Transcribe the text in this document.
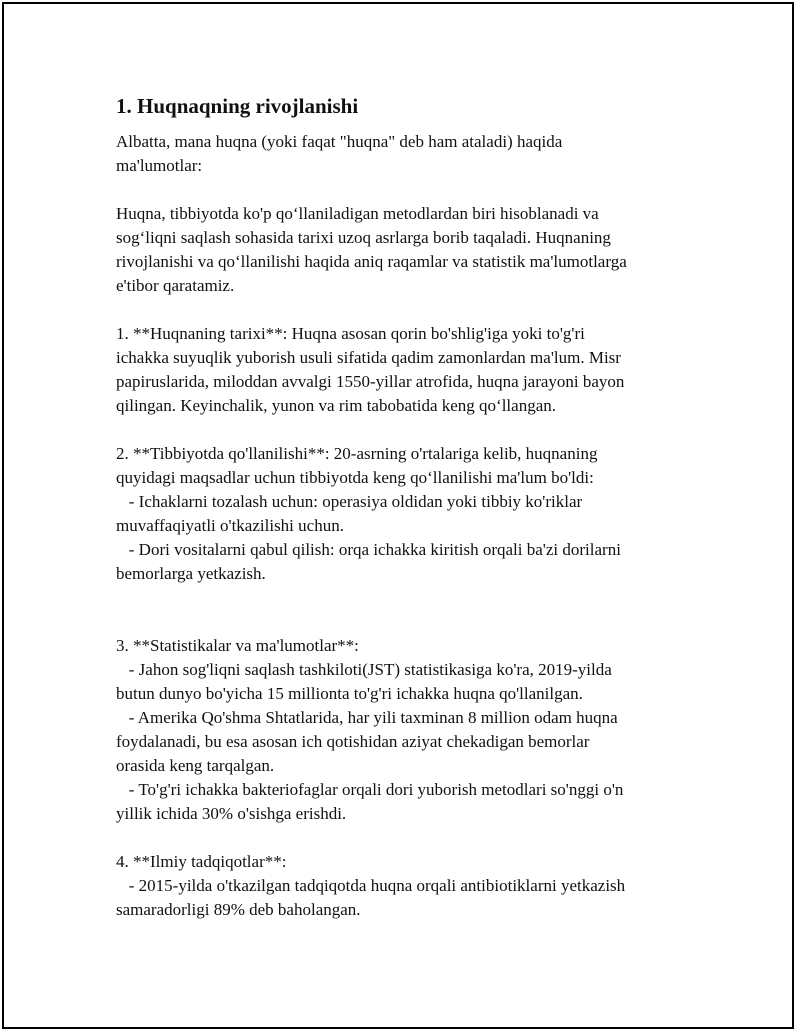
1. Huqnaqning rivojlanishi

Albatta, mana huqna (yoki faqat "huqna" deb ham ataladi) haqida
ma'lumotlar:

Huqna, tibbiyotda ko'p qo‘llaniladigan metodlardan biri hisoblanadi va
sog‘liqni saqlash sohasida tarixi uzoq asrlarga borib taqaladi. Huqnaning
rivojlanishi va qo‘llanilishi haqida aniq raqamlar va statistik ma'lumotlarga
e'tibor qaratamiz.

1. **Huqnaning tarixi**: Huqna asosan qorin bo'shlig'iga yoki to'g'ri
ichakka suyuqlik yuborish usuli sifatida qadim zamonlardan ma'lum. Misr
papiruslarida, miloddan avvalgi 1550-yillar atrofida, huqna jarayoni bayon
qilingan. Keyinchalik, yunon va rim tabobatida keng qo‘llangan.

2. **Tibbiyotda qo'llanilishi**: 20-asrning o'rtalariga kelib, huqnaning
quyidagi maqsadlar uchun tibbiyotda keng qo‘llanilishi ma'lum bo'ldi:
- Ichaklarni tozalash uchun: operasiya oldidan yoki tibbiy ko'riklar
muvaffaqiyatli o'tkazilishi uchun.
- Dori vositalarni qabul qilish: orqa ichakka kiritish orqali ba'zi dorilarni
bemorlarga yetkazish.

3. **Statistikalar va ma'lumotlar**:
- Jahon sog'liqni saqlash tashkiloti(JST) statistikasiga ko'ra, 2019-yilda
butun dunyo bo'yicha 15 millionta to'g'ri ichakka huqna qo'llanilgan.
- Amerika Qo'shma Shtatlarida, har yili taxminan 8 million odam huqna
foydalanadi, bu esa asosan ich qotishidan aziyat chekadigan bemorlar
orasida keng tarqalgan.
- To'g'ri ichakka bakteriofaglar orqali dori yuborish metodlari so'nggi o'n
yillik ichida 30% o'sishga erishdi.

4. **Ilmiy tadqiqotlar**:
- 2015-yilda o'tkazilgan tadqiqotda huqna orqali antibiotiklarni yetkazish
samaradorligi 89% deb baholangan.
